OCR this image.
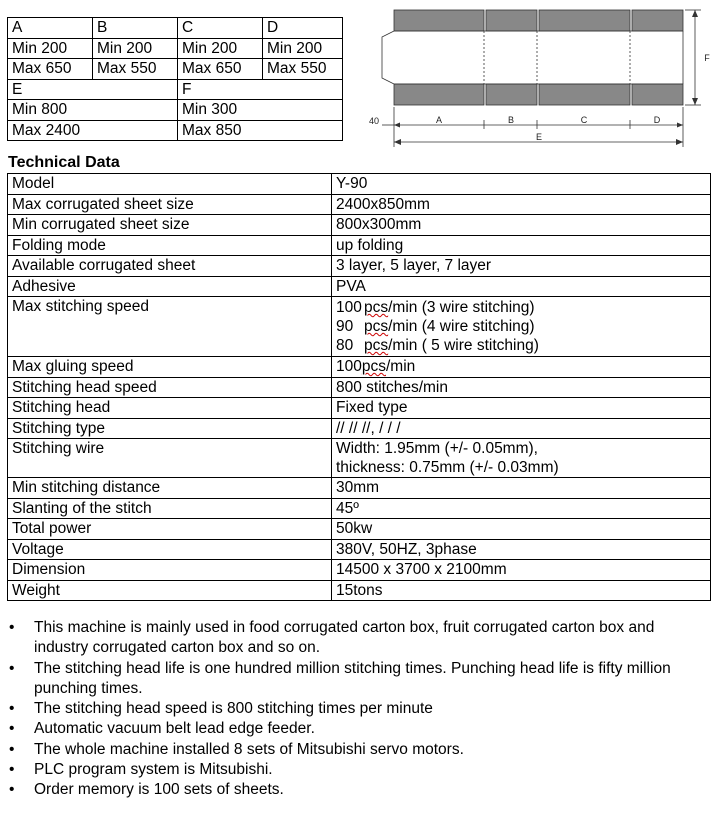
A	B	C	D
Min 200	Min 200	Min 200	Min 200
Max 650	Max 550	Max 650	Max 550
E		F	
Min 800		Min 300	
Max 2400		Max 850	
40	A	B	C	D
E
F
Technical Data
Model	Y-90
Max corrugated sheet size	2400x850mm
Min corrugated sheet size	800x300mm
Folding mode	up folding
Available corrugated sheet	3 layer, 5 layer, 7 layer
Adhesive	PVA
Max stitching speed	100 pcs/min (3 wire stitching)
90 pcs/min (4 wire stitching)
80 pcs/min ( 5 wire stitching)

Max gluing speed	100pcs/min
Stitching head speed	800 stitches/min
Stitching head	Fixed type
Stitching type	// // //, / / /
Stitching wire	Width: 1.95mm (+/- 0.05mm),
thickness: 0.75mm (+/- 0.03mm)

Min stitching distance	30mm
Slanting of the stitch	45º
Total power	50kw
Voltage	380V, 50HZ, 3phase
Dimension	14500 x 3700 x 2100mm
Weight	15tons
• This machine is mainly used in food corrugated carton box, fruit corrugated carton box and industry corrugated carton box and so on.
• The stitching head life is one hundred million stitching times. Punching head life is fifty million punching times.
• The stitching head speed is 800 stitching times per minute
• Automatic vacuum belt lead edge feeder.
• The whole machine installed 8 sets of Mitsubishi servo motors.
• PLC program system is Mitsubishi.
• Order memory is 100 sets of sheets.
